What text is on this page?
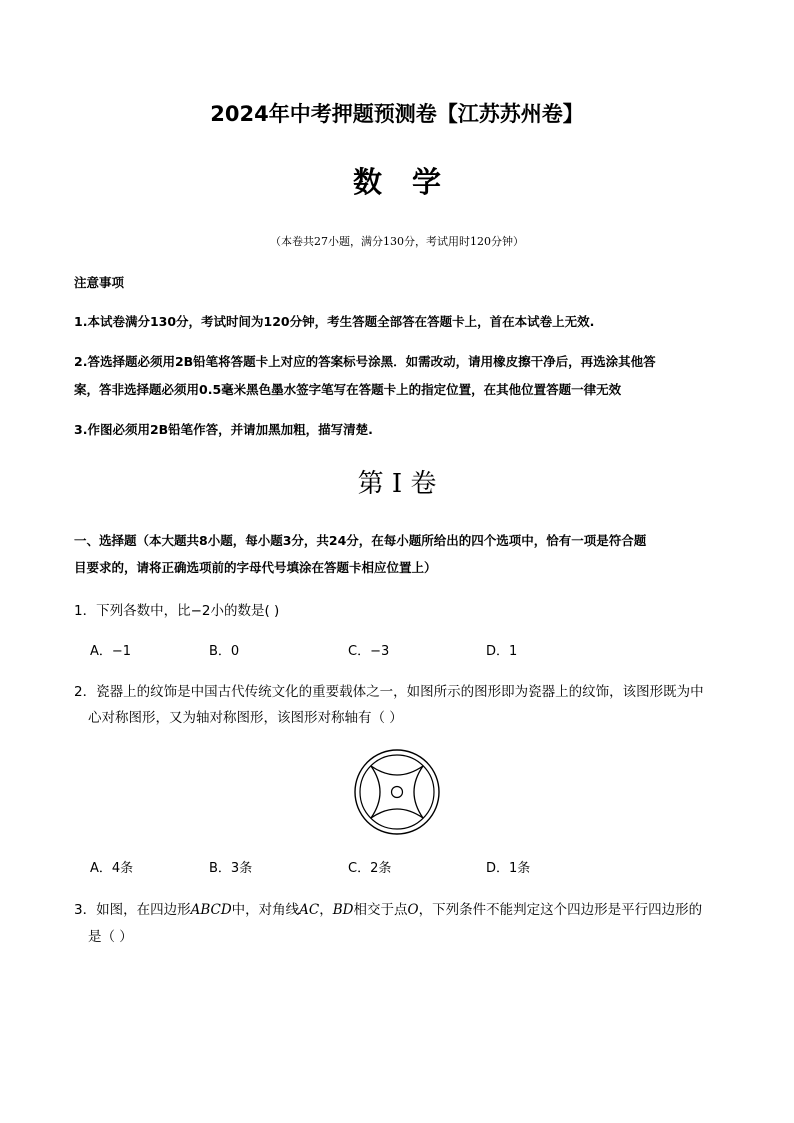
2024年中考押题预测卷【江苏苏州卷】
数学
（本卷共27小题，满分130分，考试用时120分钟）
注意事项
1.本试卷满分130分，考试时间为120分钟，考生答题全部答在答题卡上，首在本试卷上无效.
2.答选择题必须用2B铅笔将答题卡上对应的答案标号涂黑．如需改动，请用橡皮擦干净后，再选涂其他答
案，答非选择题必须用0.5毫米黑色墨水签字笔写在答题卡上的指定位置，在其他位置答题一律无效
3.作图必须用2B铅笔作答，并请加黑加粗，描写清楚.
第 I 卷
一、选择题（本大题共8小题，每小题3分，共24分，在每小题所给出的四个选项中，恰有一项是符合题
目要求的，请将正确选项前的字母代号填涂在答题卡相应位置上）
1．下列各数中，比−2小的数是( )
A．−1	B．0	C．−3	D．1
2．瓷器上的纹饰是中国古代传统文化的重要载体之一，如图所示的图形即为瓷器上的纹饰，该图形既为中
心对称图形，又为轴对称图形，该图形对称轴有（ ）
A．4条	B．3条	C．2条	D．1条
3．如图，在四边形ABCD中，对角线AC，BD相交于点O，下列条件不能判定这个四边形是平行四边形的
是（ ）
